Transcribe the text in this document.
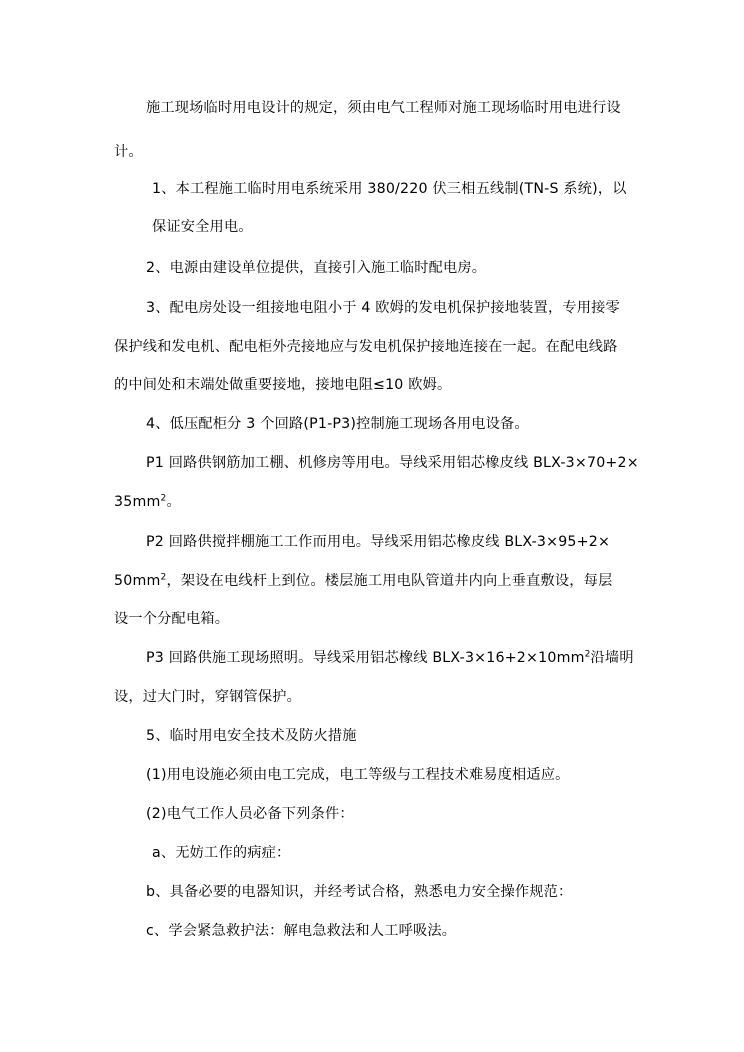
施工现场临时用电设计的规定，须由电气工程师对施工现场临时用电进行设
计。
1、本工程施工临时用电系统采用 380/220 伏三相五线制(TN-S 系统)，以
保证安全用电。
2、电源由建设单位提供，直接引入施工临时配电房。
3、配电房处设一组接地电阻小于 4 欧姆的发电机保护接地装置，专用接零
保护线和发电机、配电柜外壳接地应与发电机保护接地连接在一起。在配电线路
的中间处和末端处做重要接地，接地电阻≤10 欧姆。
4、低压配柜分 3 个回路(P1-P3)控制施工现场各用电设备。
P1 回路供钢筋加工棚、机修房等用电。导线采用铝芯橡皮线 BLX-3×70+2×
$35mm^2$。
P2 回路供搅拌棚施工工作而用电。导线采用铝芯橡皮线 BLX-3×95+2×
$50mm^2$，架设在电线杆上到位。楼层施工用电队管道井内向上垂直敷设，每层
设一个分配电箱。
P3 回路供施工现场照明。导线采用铝芯橡线 BLX-$3\times 16+2\times 10mm^2$沿墙明
设，过大门时，穿钢管保护。
5、临时用电安全技术及防火措施
(1)用电设施必须由电工完成，电工等级与工程技术难易度相适应。
(2)电气工作人员必备下列条件：
a、无妨工作的病症：
b、具备必要的电器知识，并经考试合格，熟悉电力安全操作规范：
c、学会紧急救护法：解电急救法和人工呼吸法。
